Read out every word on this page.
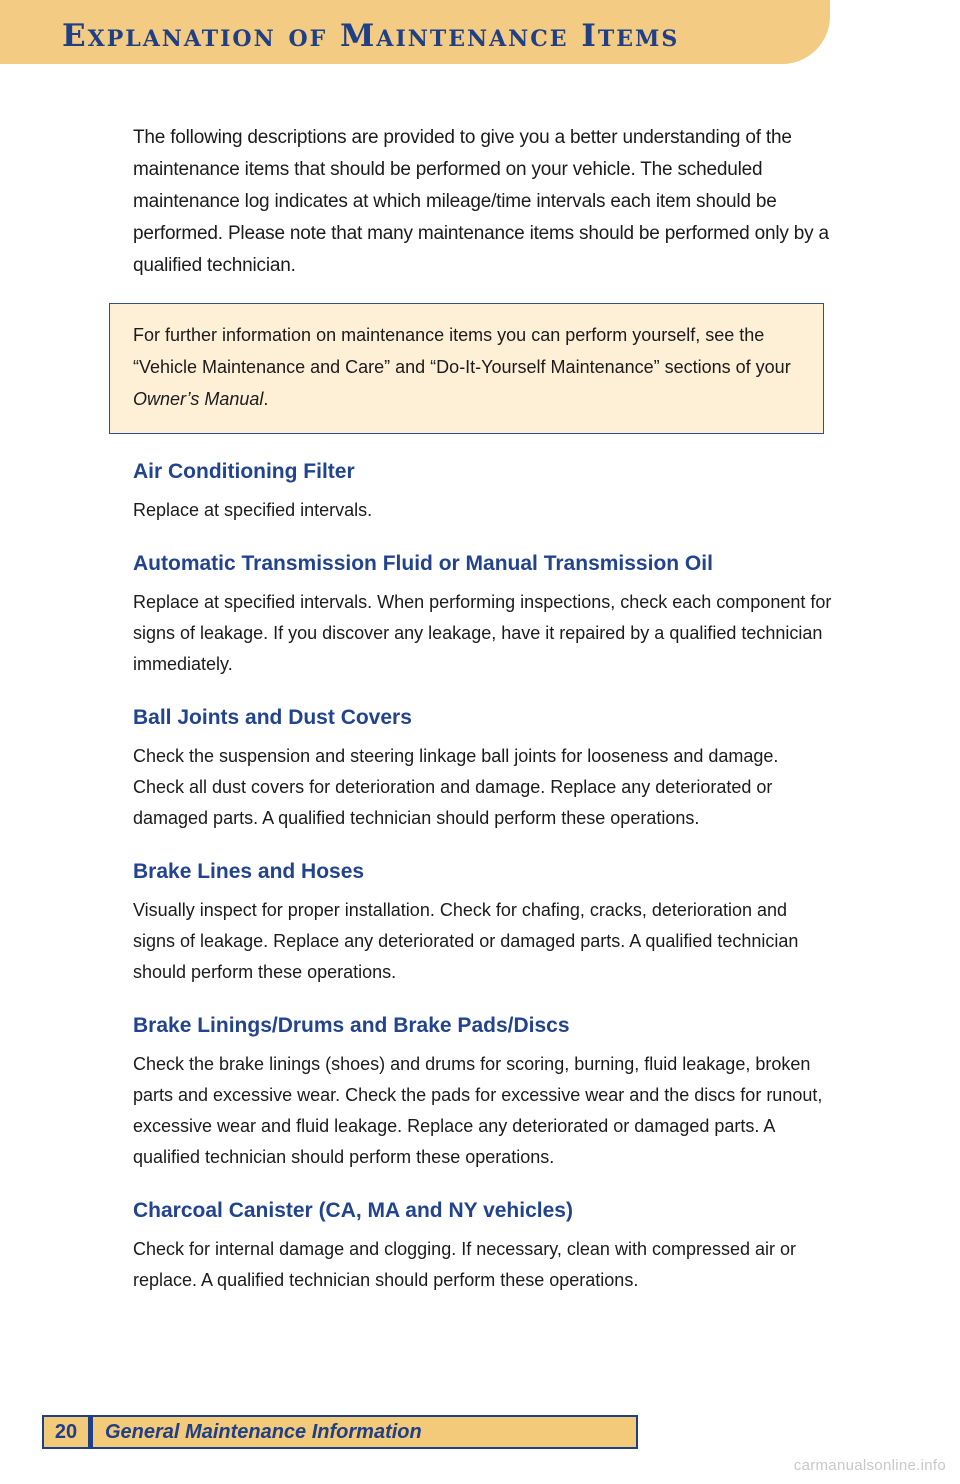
Explanation of Maintenance Items

The following descriptions are provided to give you a better understanding of the maintenance items that should be performed on your vehicle. The scheduled maintenance log indicates at which mileage/time intervals each item should be performed. Please note that many maintenance items should be performed only by a qualified technician.

For further information on maintenance items you can perform yourself, see the “Vehicle Maintenance and Care” and “Do-It-Yourself Maintenance” sections of your Owner’s Manual.
Air Conditioning Filter

Replace at specified intervals.

Automatic Transmission Fluid or Manual Transmission Oil

Replace at specified intervals. When performing inspections, check each component for signs of leakage. If you discover any leakage, have it repaired by a qualified technician immediately.

Ball Joints and Dust Covers

Check the suspension and steering linkage ball joints for looseness and damage. Check all dust covers for deterioration and damage. Replace any deteriorated or damaged parts. A qualified technician should perform these operations.

Brake Lines and Hoses

Visually inspect for proper installation. Check for chafing, cracks, deterioration and signs of leakage. Replace any deteriorated or damaged parts. A qualified technician should perform these operations.

Brake Linings/Drums and Brake Pads/Discs

Check the brake linings (shoes) and drums for scoring, burning, fluid leakage, broken parts and excessive wear. Check the pads for excessive wear and the discs for runout, excessive wear and fluid leakage. Replace any deteriorated or damaged parts. A qualified technician should perform these operations.

Charcoal Canister (CA, MA and NY vehicles)

Check for internal damage and clogging. If necessary, clean with compressed air or replace. A qualified technician should perform these operations.

20	General Maintenance Information
carmanualsonline.info
